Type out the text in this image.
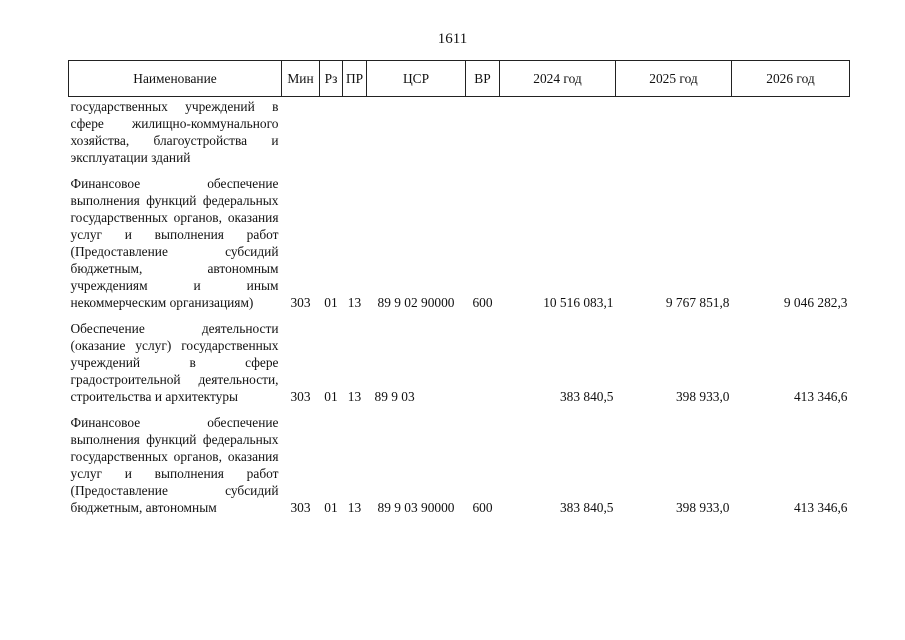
1611
Наименование	Мин	Рз	ПР	ЦСР	ВР	2024 год	2025 год	2026 год
государственных учреждений в сфере жилищно-коммунального хозяйства, благоустройства и эксплуатации зданий								
Финансовое обеспечение выполнения функций федеральных государственных органов, оказания услуг и выполнения работ (Предоставление субсидий бюджетным, автономным учреждениям и иным некоммерческим организациям)	303	01	13	89 9 02 90000	600	10 516 083,1	9 767 851,8	9 046 282,3
Обеспечение деятельности (оказание услуг) государственных учреждений в сфере градостроительной деятельности, строительства и архитектуры	303	01	13	89 9 03		383 840,5	398 933,0	413 346,6
Финансовое обеспечение выполнения функций федеральных государственных органов, оказания услуг и выполнения работ (Предоставление субсидий бюджетным, автономным	303	01	13	89 9 03 90000	600	383 840,5	398 933,0	413 346,6
